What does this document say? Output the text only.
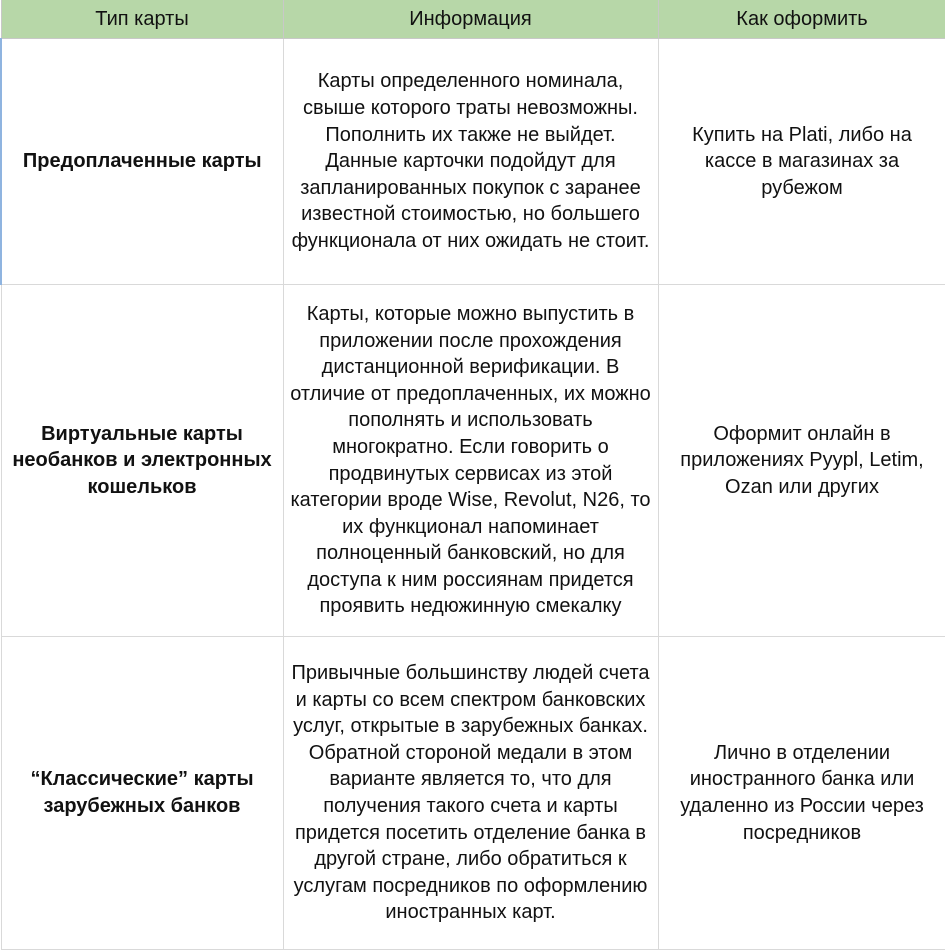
Тип карты	Информация	Как оформить
Предоплаченные карты	Карты определенного номинала, свыше которого траты невозможны. Пополнить их также не выйдет. Данные карточки подойдут для запланированных покупок с заранее известной стоимостью, но большего функционала от них ожидать не стоит.	Купить на Plati, либо на кассе в магазинах за рубежом
Виртуальные карты необанков и электронных кошельков	Карты, которые можно выпустить в приложении после прохождения дистанционной верификации. В отличие от предоплаченных, их можно пополнять и использовать многократно. Если говорить о продвинутых сервисах из этой категории вроде Wise, Revolut, N26, то их функционал напоминает полноценный банковский, но для доступа к ним россиянам придется проявить недюжинную смекалку	Оформит онлайн в приложениях Pyypl, Letim, Ozan или других
“Классические” карты зарубежных банков	Привычные большинству людей счета и карты со всем спектром банковских услуг, открытые в зарубежных банках. Обратной стороной медали в этом варианте является то, что для получения такого счета и карты придется посетить отделение банка в другой стране, либо обратиться к услугам посредников по оформлению иностранных карт.	Лично в отделении иностранного банка или удаленно из России через посредников
